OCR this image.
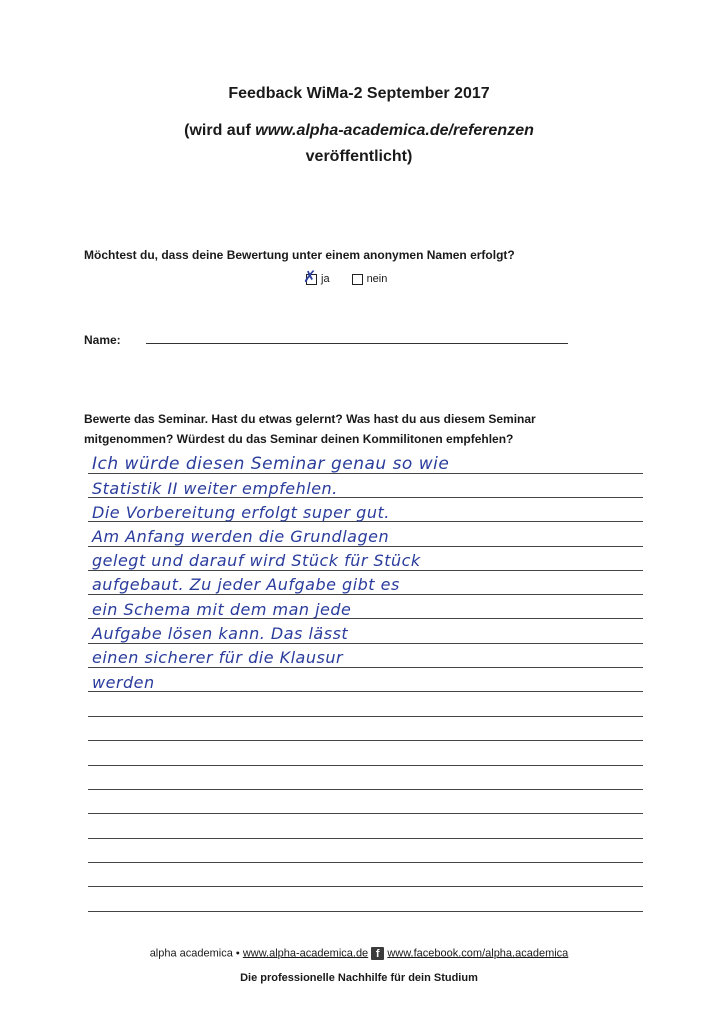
Feedback WiMa-2 September 2017
(wird auf www.alpha-academica.de/referenzen
veröffentlicht)
Möchtest du, dass deine Bewertung unter einem anonymen Namen erfolgt?
✗ ja	nein
Name:
Bewerte das Seminar. Hast du etwas gelernt? Was hast du aus diesem Seminar
mitgenommen? Würdest du das Seminar deinen Kommilitonen empfehlen?
Ich würde diesen Seminar genau so wie
Statistik II weiter empfehlen.
Die Vorbereitung erfolgt super gut.
Am Anfang werden die Grundlagen
gelegt und darauf wird Stück für Stück
aufgebaut. Zu jeder Aufgabe gibt es
ein Schema mit dem man jede
Aufgabe lösen kann. Das lässt
einen sicherer für die Klausur
werden
alpha academica • www.alpha-academica.de f www.facebook.com/alpha.academica
Die professionelle Nachhilfe für dein Studium
